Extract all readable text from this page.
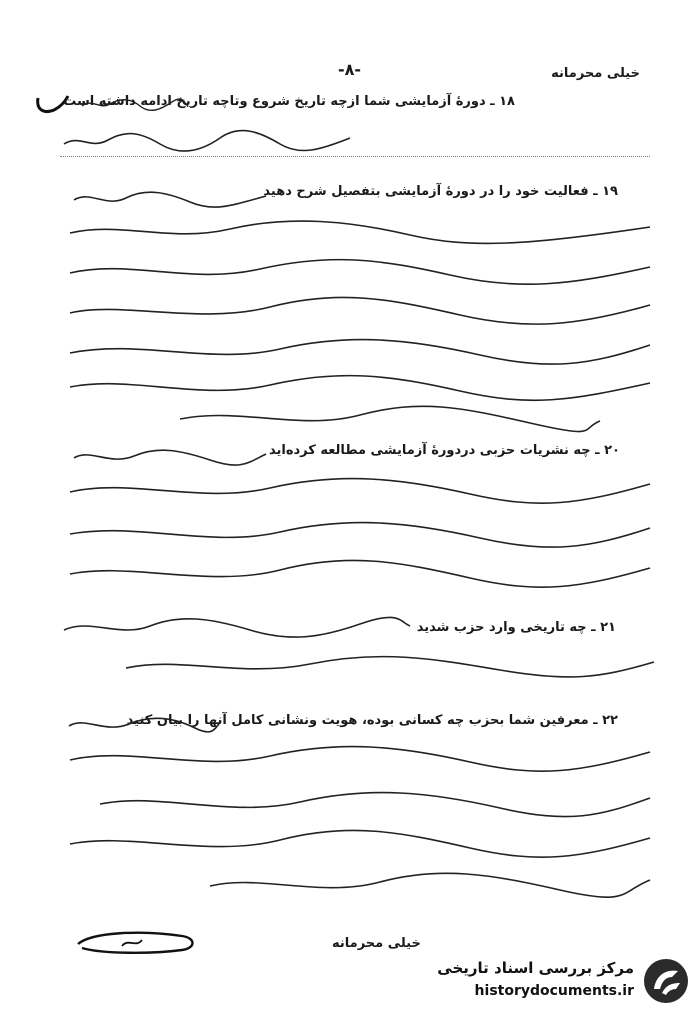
خیلی محرمانه
-۸-
۱۸ ـ دورهٔ آزمایشی شما ازچه تاریخ شروع وتاچه تاریخ ادامه داشته است
۱۹ ـ فعالیت خود را در دورهٔ آزمایشی بتفصیل شرح دهید
۲۰ ـ چه نشریات حزبی دردورهٔ آزمایشی مطالعه کرده‌اید
۲۱ ـ چه تاریخی وارد حزب شدید
۲۲ ـ معرفین شما بحزب چه کسانی بوده، هویت ونشانی کامل آنها را بیان کنید
خیلی محرمانه
مرکز بررسی اسناد تاریخی
historydocuments.ir
